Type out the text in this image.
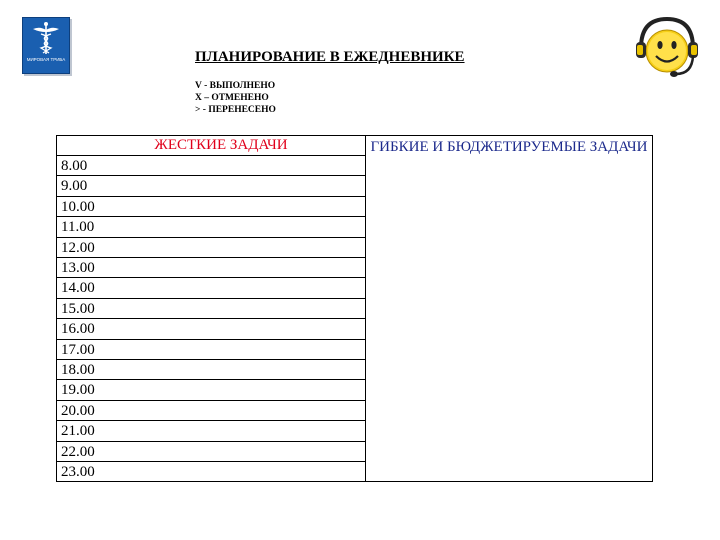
МИРОВАЯ ТРИБА	ПЛАНИРОВАНИЕ В ЕЖЕДНЕВНИКЕ
V - ВЫПОЛНЕНО
Х – ОТМЕНЕНО
> - ПЕРЕНЕСЕНО
ЖЕСТКИЕ ЗАДАЧИ
8.00
9.00
10.00
11.00
12.00
13.00
14.00
15.00
16.00
17.00
18.00
19.00
20.00
21.00
22.00
23.00
ГИБКИЕ И БЮДЖЕТИРУЕМЫЕ ЗАДАЧИ
